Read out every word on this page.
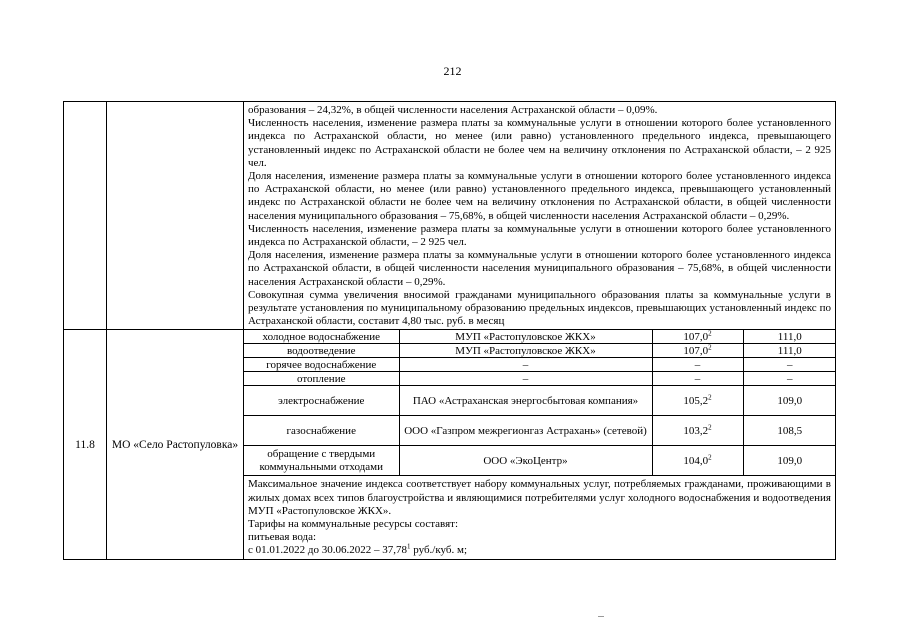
212

образования – 24,32%, в общей численности населения Астраханской области – 0,09%.

Численность населения, изменение размера платы за коммунальные услуги в отношении которого более установленного индекса по Астраханской области, но менее (или равно) установленного предельного индекса, превышающего установленный индекс по Астраханской области не более чем на величину отклонения по Астраханской области, – 2 925 чел.

Доля населения, изменение размера платы за коммунальные услуги в отношении которого более установленного индекса по Астраханской области, но менее (или равно) установленного предельного индекса, превышающего установленный индекс по Астраханской области не более чем на величину отклонения по Астраханской области, в общей численности населения муниципального образования – 75,68%, в общей численности населения Астраханской области – 0,29%.

Численность населения, изменение размера платы за коммунальные услуги в отношении которого более установленного индекса по Астраханской области, – 2 925 чел.

Доля населения, изменение размера платы за коммунальные услуги в отношении которого более установленного индекса по Астраханской области, в общей численности населения муниципального образования – 75,68%, в общей численности населения Астраханской области – 0,29%.

Совокупная сумма увеличения вносимой гражданами муниципального образования платы за коммунальные услуги в результате установления по муниципальному образованию предельных индексов, превышающих установленный индекс по Астраханской области, составит 4,80 тыс. руб. в месяц

11.8	МО «Село Растопуловка»	
холодное водоснабжение	МУП «Растопуловское ЖКХ»	107,0$^2$	111,0
водоотведение	МУП «Растопуловское ЖКХ»	107,0$^2$	111,0
горячее водоснабжение	–	–	–
отопление	–	–	–
электроснабжение	ПАО «Астраханская энергосбытовая компания»	105,2$^2$	109,0
газоснабжение	ООО «Газпром межрегионгаз Астрахань» (сетевой)	103,2$^2$	108,5
обращение с твердыми коммунальными отходами	ООО «ЭкоЦентр»	104,0$^2$	109,0

Максимальное значение индекса соответствует набору коммунальных услуг, потребляемых гражданами, проживающими в жилых домах всех типов благоустройства и являющимися потребителями услуг холодного водоснабжения и водоотведения МУП «Растопуловское ЖКХ».

Тарифы на коммунальные ресурсы составят:

питьевая вода:

с 01.01.2022 до 30.06.2022 – 37,78$^1$ руб./куб. м;
